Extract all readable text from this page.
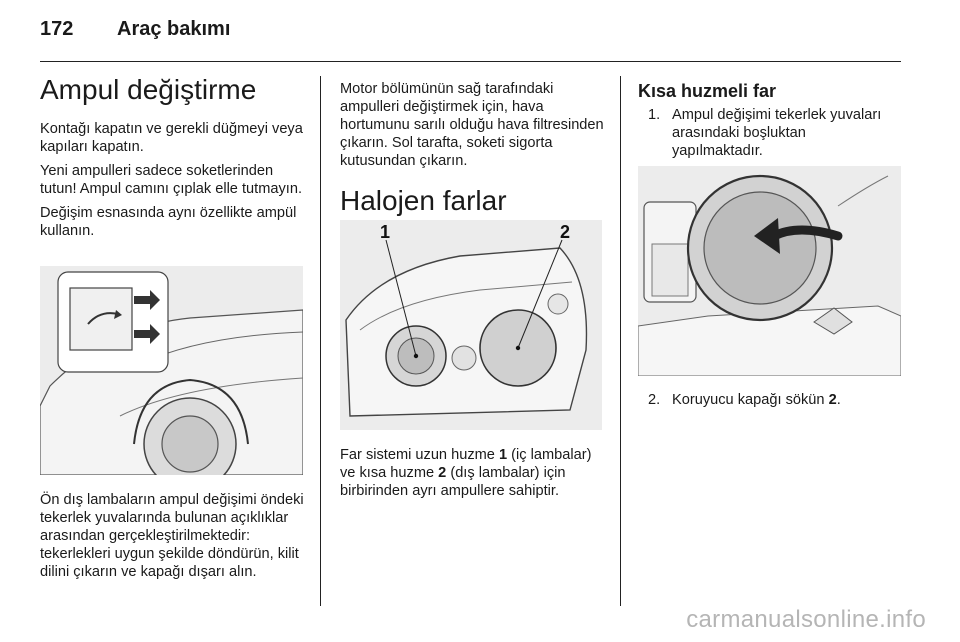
172 Araç bakımı
Ampul değiştirme

Kontağı kapatın ve gerekli düğmeyi veya kapıları kapatın.

Yeni ampulleri sadece soketlerinden tutun! Ampul camını çıplak elle tutmayın.

Değişim esnasında aynı özellikte ampül kullanın.

Ön dış lambaların ampul değişimi öndeki tekerlek yuvalarında bulunan açıklıklar arasından gerçekleştirilmektedir: tekerlekleri uygun şekilde döndürün, kilit dilini çıkarın ve kapağı dışarı alın.

Motor bölümünün sağ tarafındaki ampulleri değiştirmek için, hava hortumunu sarılı olduğu hava filtresinden çıkarın. Sol tarafta, soketi sigorta kutusundan çıkarın.

Halojen farlar
1	2

Far sistemi uzun huzme 1 (iç lambalar) ve kısa huzme 2 (dış lambalar) için birbirinden ayrı ampullere sahiptir.

Kısa huzmeli far
1. Ampul değişimi tekerlek yuvaları arasındaki boşluktan yapılmaktadır.
2. Koruyucu kapağı sökün 2.
carmanualsonline.info
